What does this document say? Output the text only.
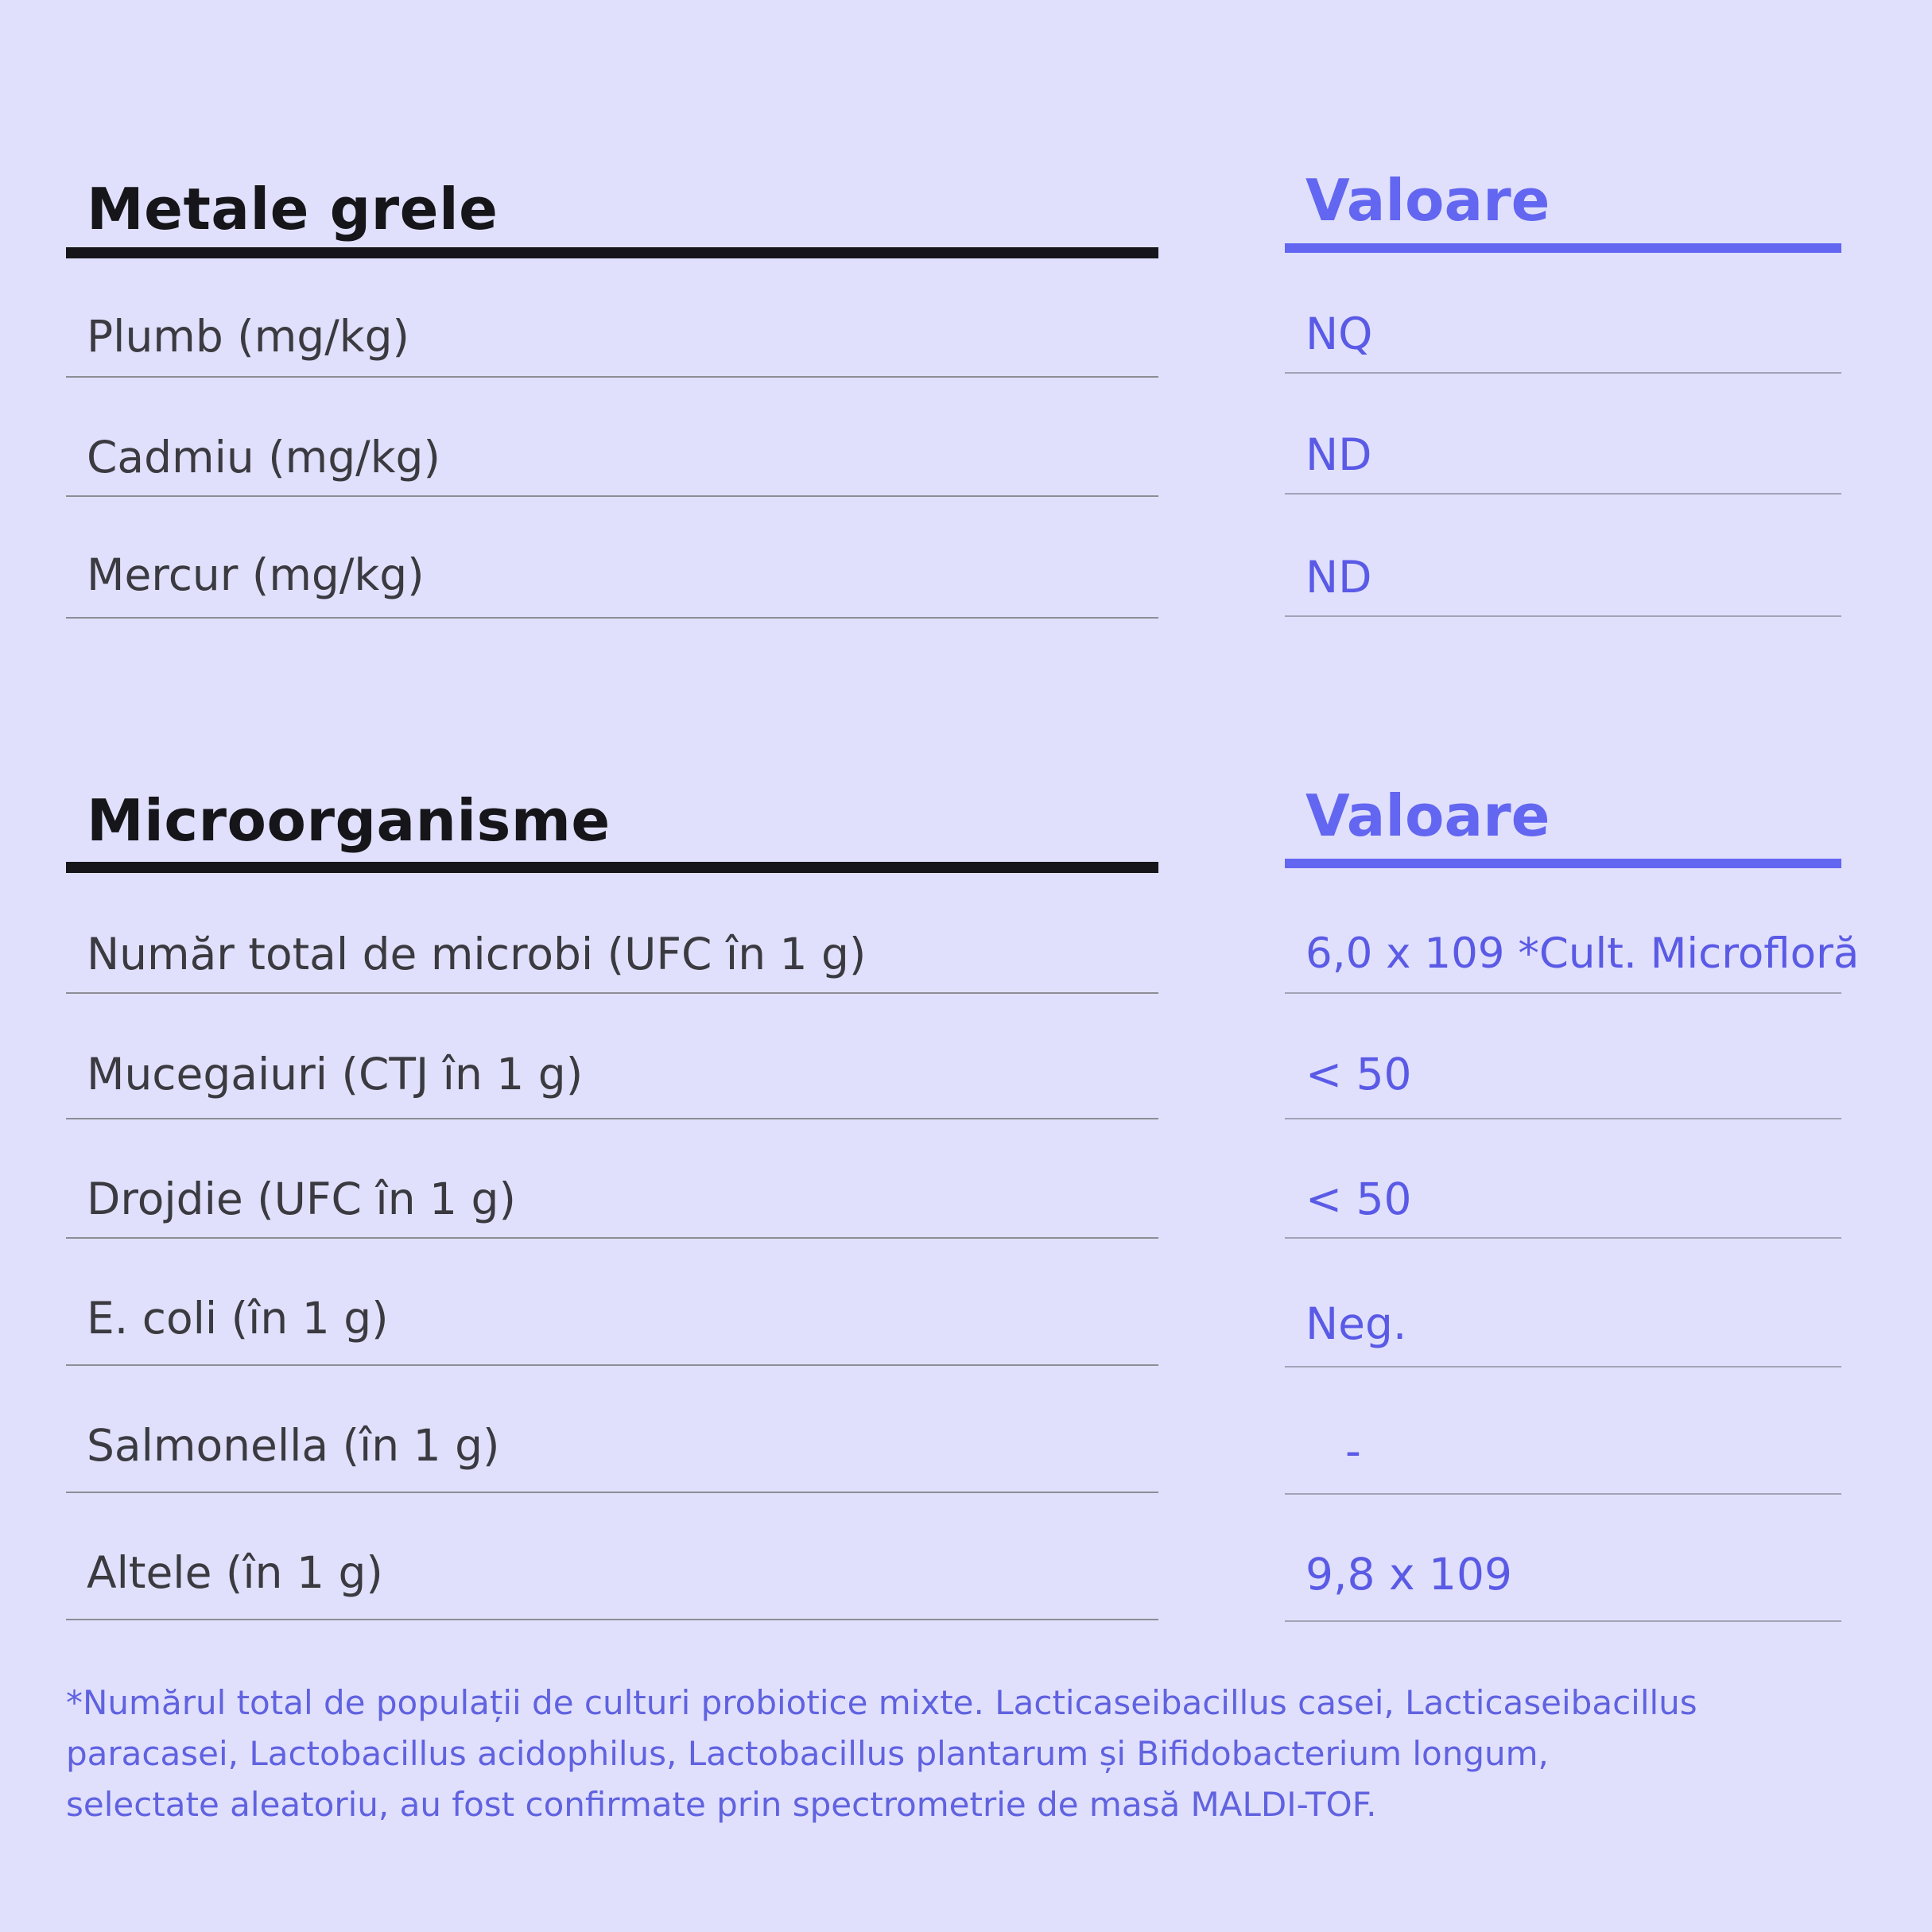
Metale grele
Plumb (mg/kg)
Cadmiu (mg/kg)
Mercur (mg/kg)
Microorganisme
Număr total de microbi (UFC în 1 g)
Mucegaiuri (CTJ în 1 g)
Drojdie (UFC în 1 g)
E. coli (în 1 g)
Salmonella (în 1 g)
Altele (în 1 g)
Valoare
NQ
ND
ND
Valoare
6,0 x 109 *Cult. Microfloră
< 50
< 50
Neg.
-
9,8 x 109

*Numărul total de populații de culturi probiotice mixte. Lacticaseibacillus casei, Lacticaseibacillus

paracasei, Lactobacillus acidophilus, Lactobacillus plantarum și Bifidobacterium longum,

selectate aleatoriu, au fost confirmate prin spectrometrie de masă MALDI-TOF.
